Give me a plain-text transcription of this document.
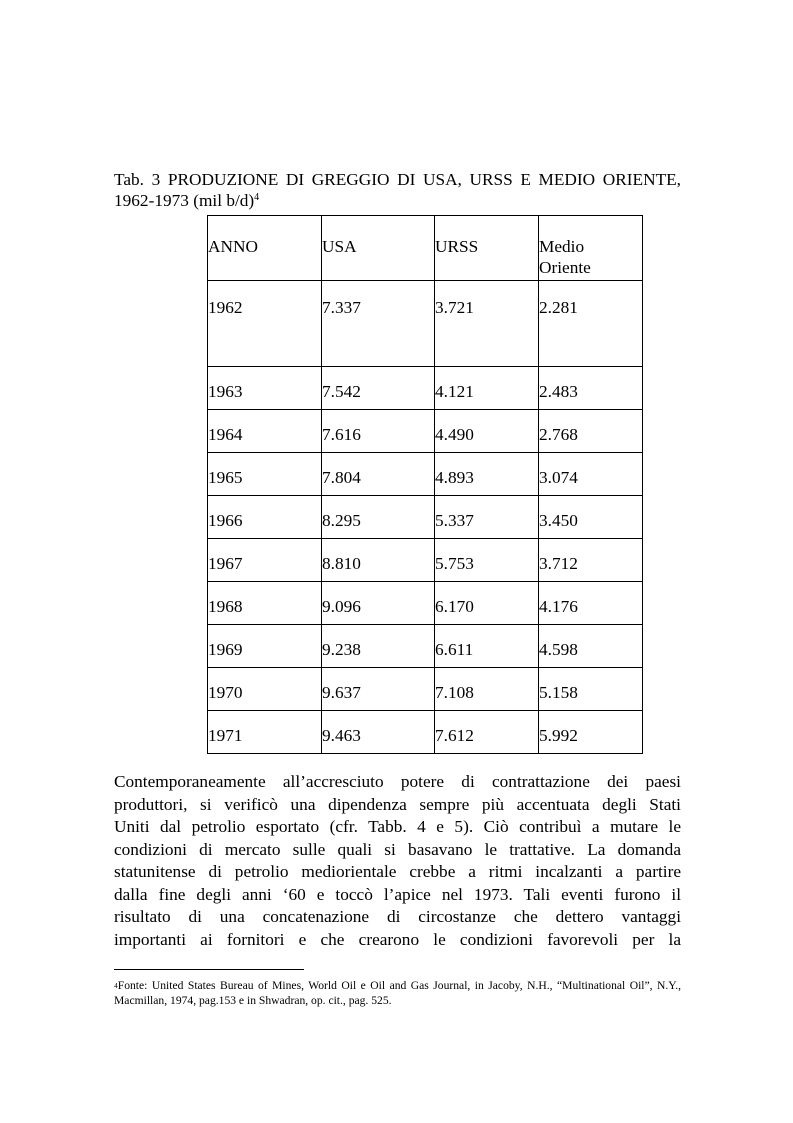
Tab. 3 PRODUZIONE DI GREGGIO DI USA, URSS E MEDIO ORIENTE, 1962-1973 (mil b/d)$^4$
ANNO	USA	URSS	Medio
Oriente
1962	7.337	3.721	2.281
1963	7.542	4.121	2.483
1964	7.616	4.490	2.768
1965	7.804	4.893	3.074
1966	8.295	5.337	3.450
1967	8.810	5.753	3.712
1968	9.096	6.170	4.176
1969	9.238	6.611	4.598
1970	9.637	7.108	5.158
1971	9.463	7.612	5.992
Contemporaneamente all’accresciuto potere di contrattazione dei paesi
produttori, si verificò una dipendenza sempre più accentuata degli Stati
Uniti dal petrolio esportato (cfr. Tabb. 4 e 5). Ciò contribuì a mutare le
condizioni di mercato sulle quali si basavano le trattative. La domanda
statunitense di petrolio mediorientale crebbe a ritmi incalzanti a partire
dalla fine degli anni ‘60 e toccò l’apice nel 1973. Tali eventi furono il
risultato di una concatenazione di circostanze che dettero vantaggi
importanti ai fornitori e che crearono le condizioni favorevoli per la
$^4$Fonte: United States Bureau of Mines, World Oil e Oil and Gas Journal, in Jacoby, N.H., “Multinational Oil”, N.Y., Macmillan, 1974, pag.153 e in Shwadran, op. cit., pag. 525.
